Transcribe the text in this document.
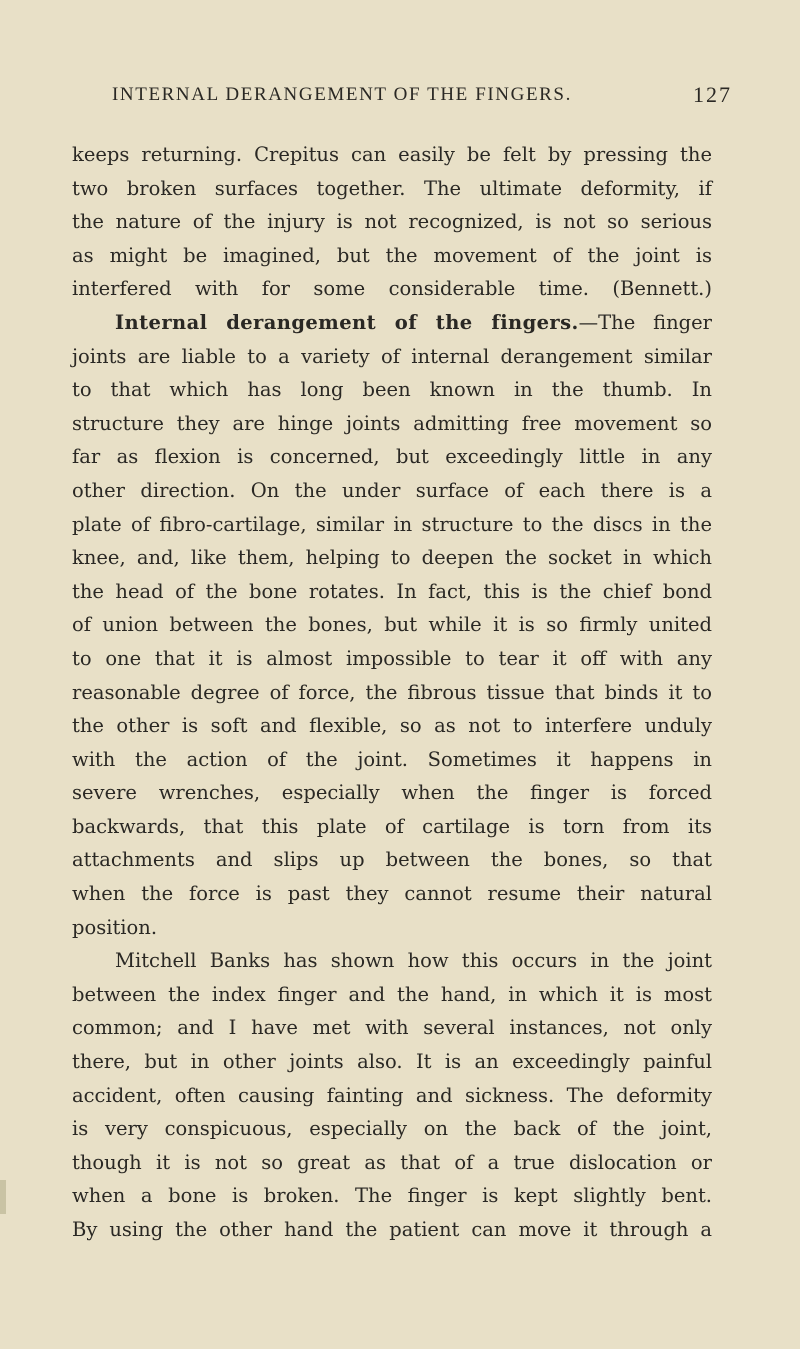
INTERNAL DERANGEMENT OF THE FINGERS.	127
keeps returning. Crepitus can easily be felt by pressing the
two broken surfaces together. The ultimate deformity, if
the nature of the injury is not recognized, is not so serious
as might be imagined, but the movement of the joint is
interfered with for some considerable time. (Bennett.)
Internal derangement of the fingers.—The finger
joints are liable to a variety of internal derangement similar
to that which has long been known in the thumb. In
structure they are hinge joints admitting free movement so
far as flexion is concerned, but exceedingly little in any
other direction. On the under surface of each there is a
plate of fibro-cartilage, similar in structure to the discs in the
knee, and, like them, helping to deepen the socket in which
the head of the bone rotates. In fact, this is the chief bond
of union between the bones, but while it is so firmly united
to one that it is almost impossible to tear it off with any
reasonable degree of force, the fibrous tissue that binds it to
the other is soft and flexible, so as not to interfere unduly
with the action of the joint. Sometimes it happens in
severe wrenches, especially when the finger is forced
backwards, that this plate of cartilage is torn from its
attachments and slips up between the bones, so that
when the force is past they cannot resume their natural
position.
Mitchell Banks has shown how this occurs in the joint
between the index finger and the hand, in which it is most
common; and I have met with several instances, not only
there, but in other joints also. It is an exceedingly painful
accident, often causing fainting and sickness. The deformity
is very conspicuous, especially on the back of the joint,
though it is not so great as that of a true dislocation or
when a bone is broken. The finger is kept slightly bent.
By using the other hand the patient can move it through a
